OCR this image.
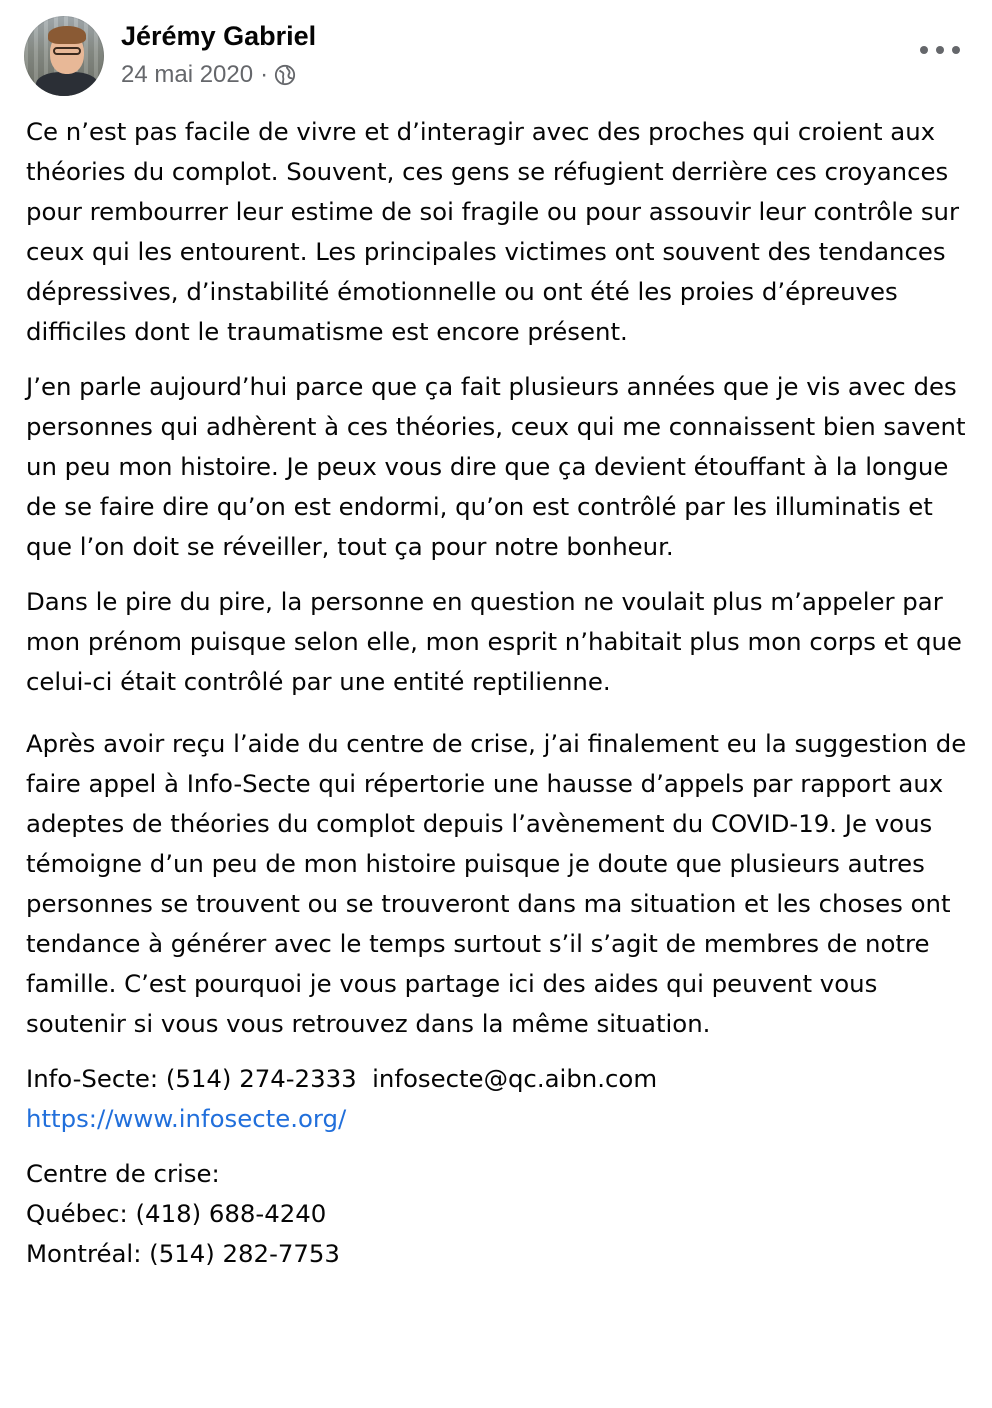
Jérémy Gabriel
24 mai 2020 ·

Ce n’est pas facile de vivre et d’interagir avec des proches qui croient aux théories du complot. Souvent, ces gens se réfugient derrière ces croyances pour rembourrer leur estime de soi fragile ou pour assouvir leur contrôle sur ceux qui les entourent. Les principales victimes ont souvent des tendances dépressives, d’instabilité émotionnelle ou ont été les proies d’épreuves difficiles dont le traumatisme est encore présent.

J’en parle aujourd’hui parce que ça fait plusieurs années que je vis avec des personnes qui adhèrent à ces théories, ceux qui me connaissent bien savent un peu mon histoire. Je peux vous dire que ça devient étouffant à la longue de se faire dire qu’on est endormi, qu’on est contrôlé par les illuminatis et que l’on doit se réveiller, tout ça pour notre bonheur.

Dans le pire du pire, la personne en question ne voulait plus m’appeler par mon prénom puisque selon elle, mon esprit n’habitait plus mon corps et que celui-ci était contrôlé par une entité reptilienne.

Après avoir reçu l’aide du centre de crise, j’ai finalement eu la suggestion de faire appel à Info-Secte qui répertorie une hausse d’appels par rapport aux adeptes de théories du complot depuis l’avènement du COVID-19. Je vous témoigne d’un peu de mon histoire puisque je doute que plusieurs autres personnes se trouvent ou se trouveront dans ma situation et les choses ont tendance à générer avec le temps surtout s’il s’agit de membres de notre famille. C’est pourquoi je vous partage ici des aides qui peuvent vous soutenir si vous vous retrouvez dans la même situation.

Info-Secte: (514) 274-2333  infosecte@qc.aibn.com
https://www.infosecte.org/

Centre de crise:
Québec: (418) 688-4240
Montréal: (514) 282-7753
